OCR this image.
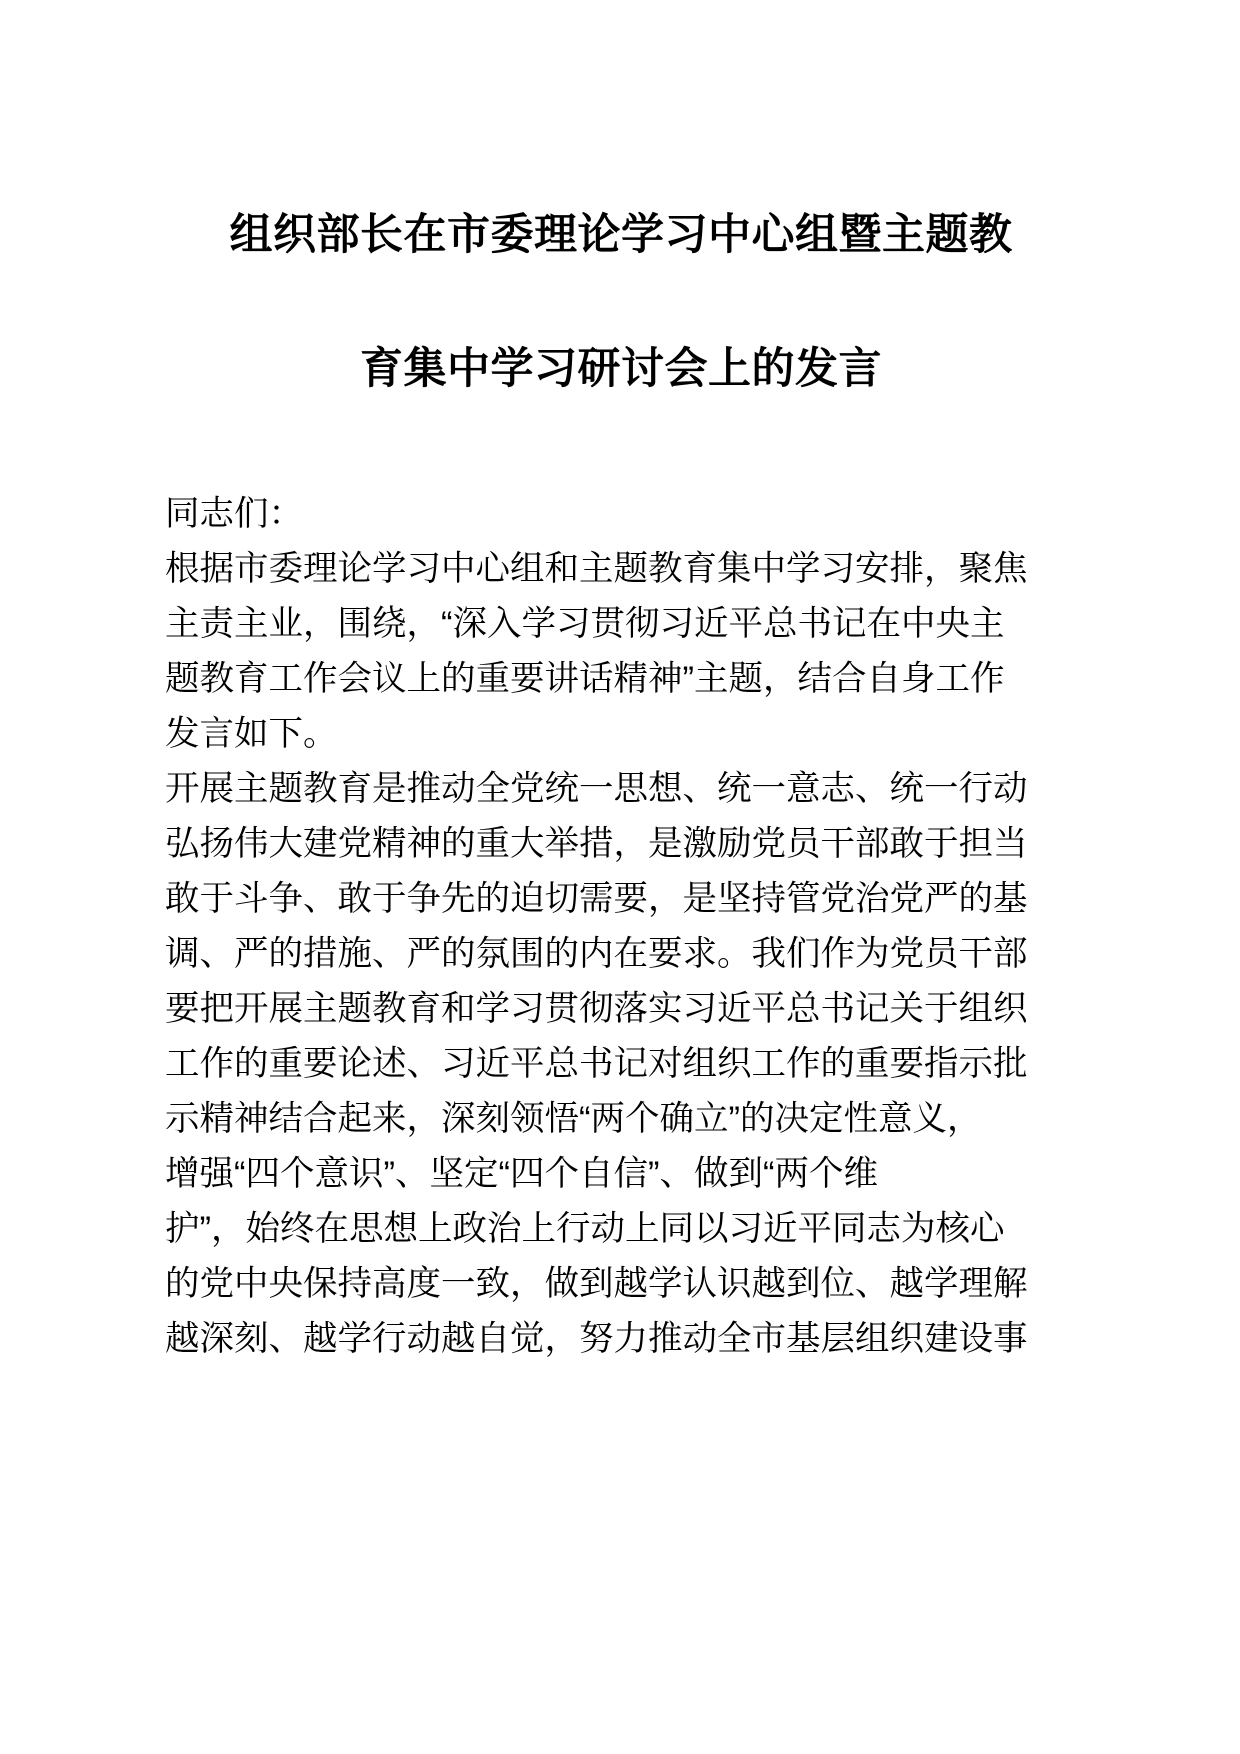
组织部长在市委理论学习中心组暨主题教
育集中学习研讨会上的发言

同志们：

根据市委理论学习中心组和主题教育集中学习安排，聚焦
主责主业，围绕，“深入学习贯彻习近平总书记在中央主
题教育工作会议上的重要讲话精神”主题，结合自身工作
发言如下。

开展主题教育是推动全党统一思想、统一意志、统一行动
弘扬伟大建党精神的重大举措，是激励党员干部敢于担当
敢于斗争、敢于争先的迫切需要，是坚持管党治党严的基
调、严的措施、严的氛围的内在要求。我们作为党员干部
要把开展主题教育和学习贯彻落实习近平总书记关于组织
工作的重要论述、习近平总书记对组织工作的重要指示批
示精神结合起来，深刻领悟“两个确立”的决定性意义，
增强“四个意识”、坚定“四个自信”、做到“两个维
护”，始终在思想上政治上行动上同以习近平同志为核心
的党中央保持高度一致，做到越学认识越到位、越学理解
越深刻、越学行动越自觉，努力推动全市基层组织建设事
